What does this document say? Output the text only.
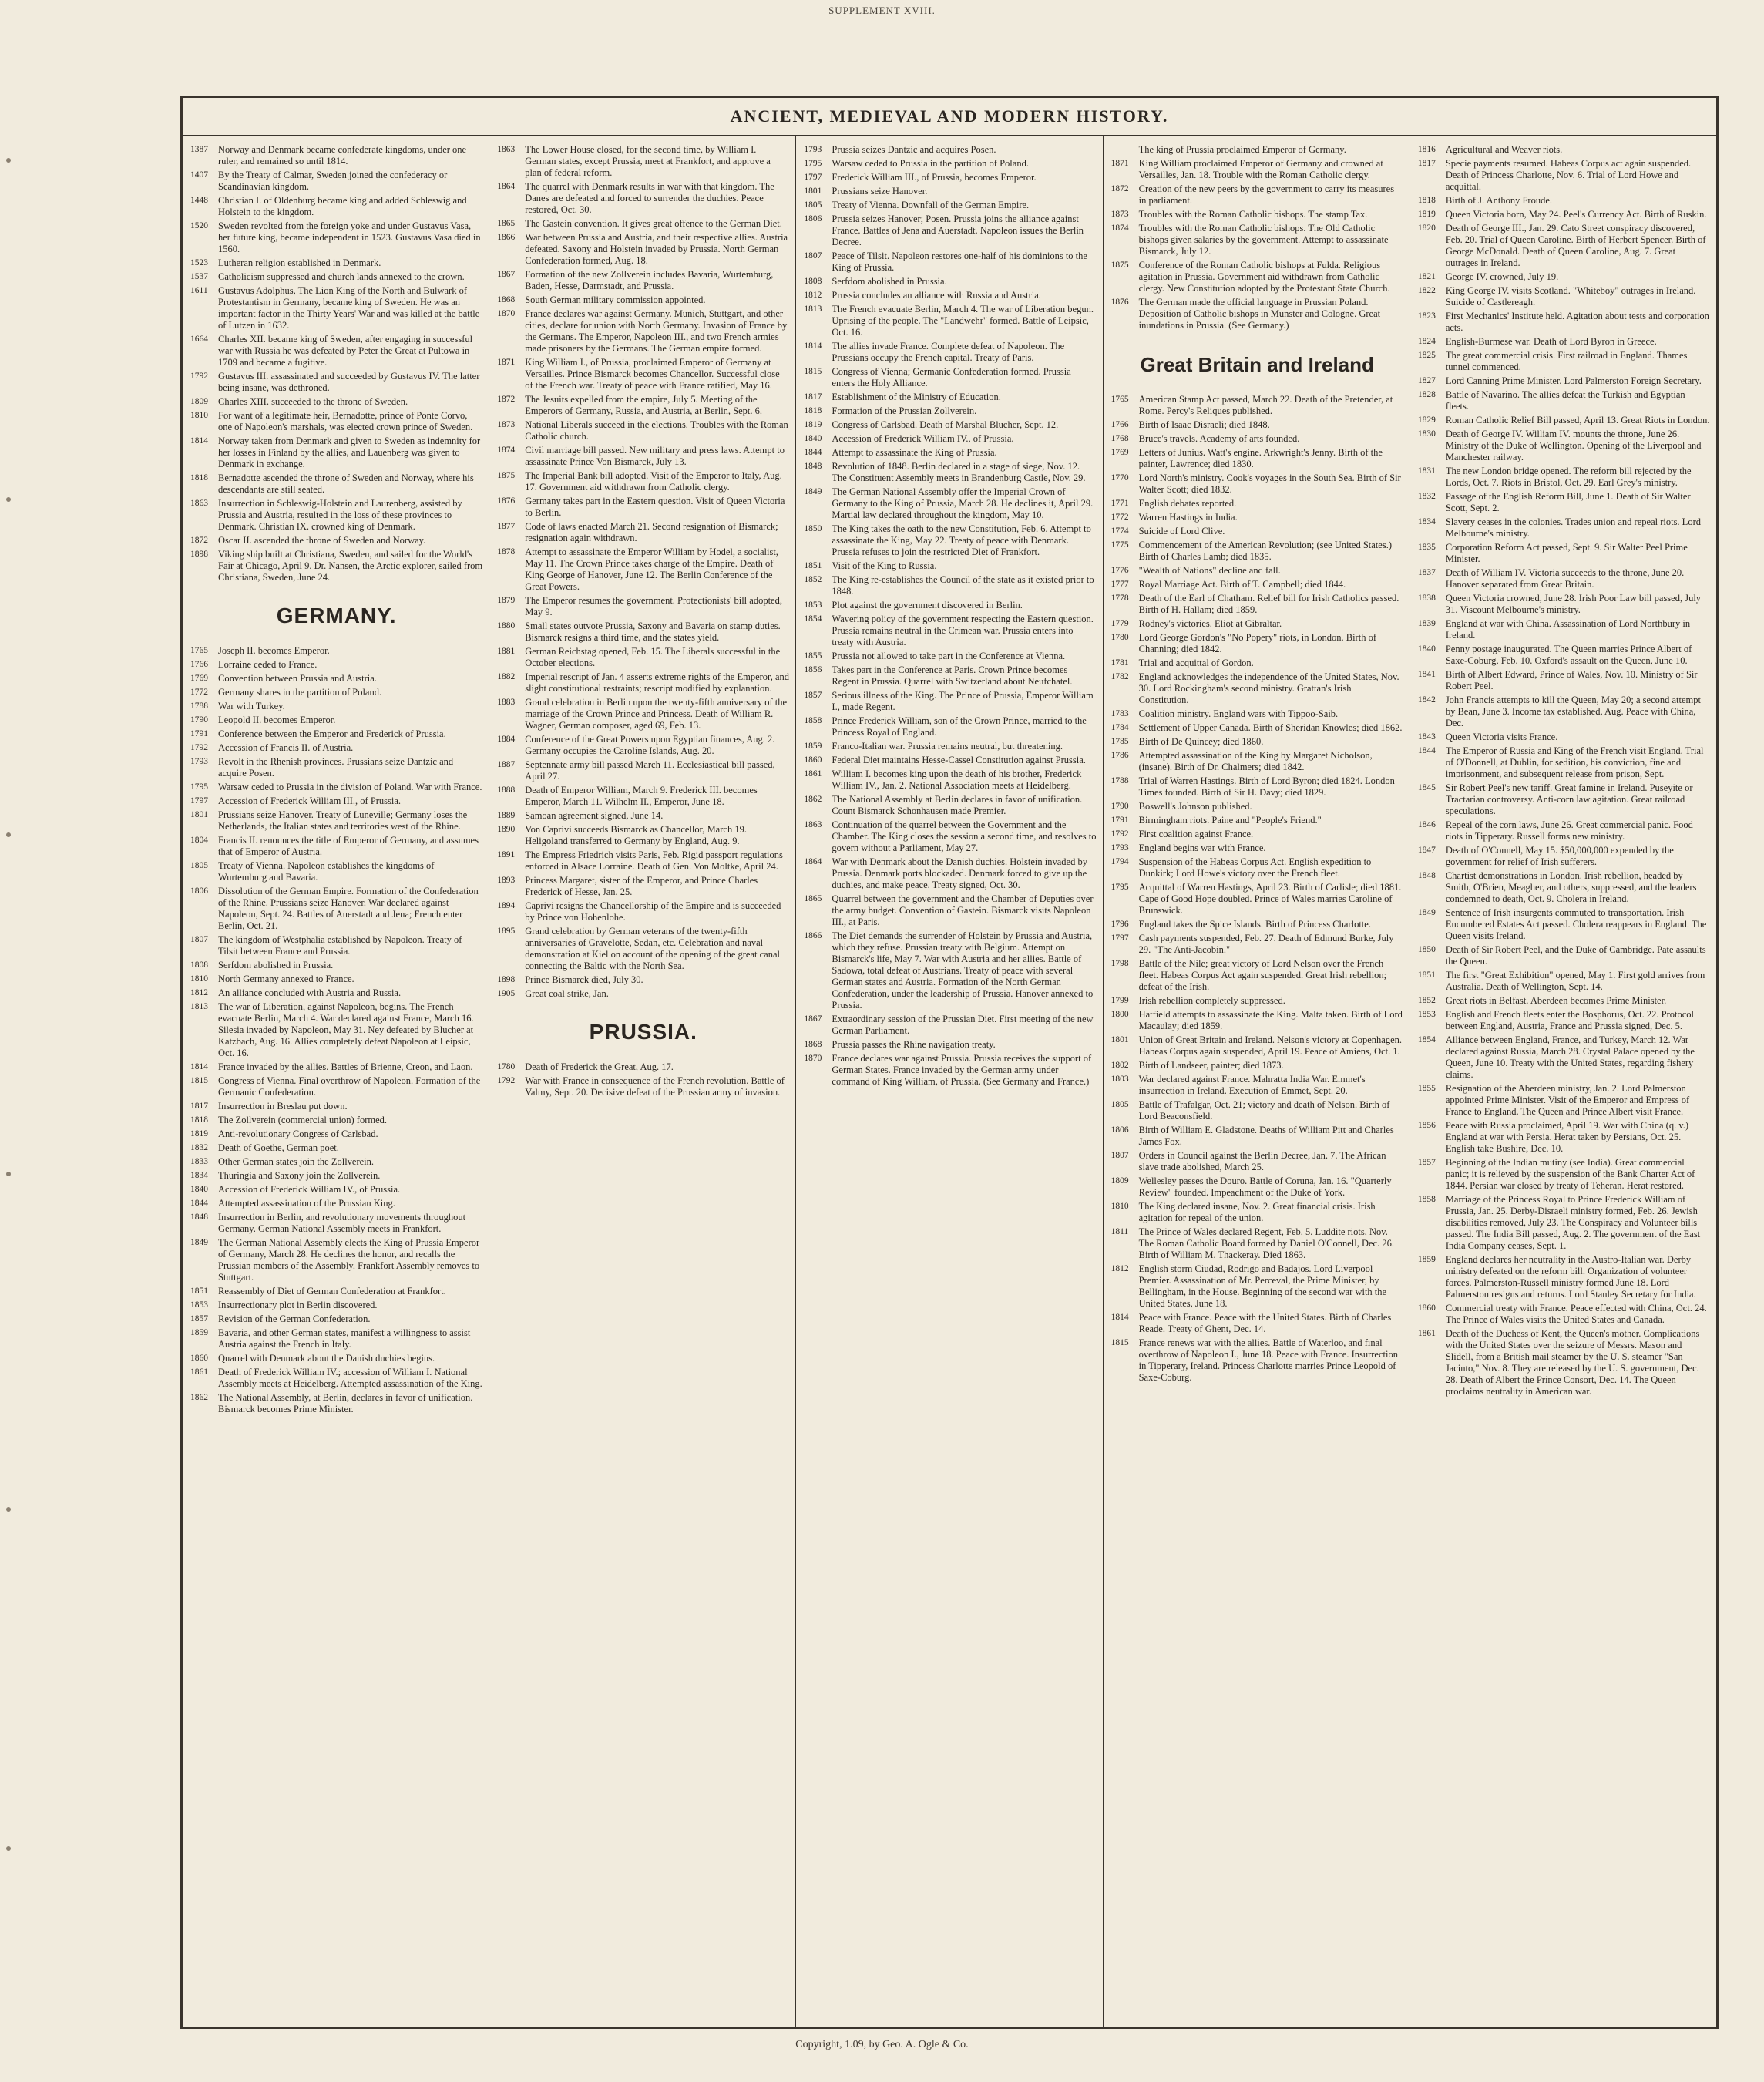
SUPPLEMENT XVIII.
ANCIENT, MEDIEVAL AND MODERN HISTORY.
1387	Norway and Denmark became confederate kingdoms, under one ruler, and remained so until 1814.
1407	By the Treaty of Calmar, Sweden joined the confederacy or Scandinavian kingdom.
1448	Christian I. of Oldenburg became king and added Schleswig and Holstein to the kingdom.
1520	Sweden revolted from the foreign yoke and under Gustavus Vasa, her future king, became independent in 1523. Gustavus Vasa died in 1560.
1523	Lutheran religion established in Denmark.
1537	Catholicism suppressed and church lands annexed to the crown.
1611	Gustavus Adolphus, The Lion King of the North and Bulwark of Protestantism in Germany, became king of Sweden. He was an important factor in the Thirty Years' War and was killed at the battle of Lutzen in 1632.
1664	Charles XII. became king of Sweden, after engaging in successful war with Russia he was defeated by Peter the Great at Pultowa in 1709 and became a fugitive.
1792	Gustavus III. assassinated and succeeded by Gustavus IV. The latter being insane, was dethroned.
1809	Charles XIII. succeeded to the throne of Sweden.
1810	For want of a legitimate heir, Bernadotte, prince of Ponte Corvo, one of Napoleon's marshals, was elected crown prince of Sweden.
1814	Norway taken from Denmark and given to Sweden as indemnity for her losses in Finland by the allies, and Lauenberg was given to Denmark in exchange.
1818	Bernadotte ascended the throne of Sweden and Norway, where his descendants are still seated.
1863	Insurrection in Schleswig-Holstein and Laurenberg, assisted by Prussia and Austria, resulted in the loss of these provinces to Denmark. Christian IX. crowned king of Denmark.
1872	Oscar II. ascended the throne of Sweden and Norway.
1898	Viking ship built at Christiana, Sweden, and sailed for the World's Fair at Chicago, April 9. Dr. Nansen, the Arctic explorer, sailed from Christiana, Sweden, June 24.
GERMANY.
1765	Joseph II. becomes Emperor.
1766	Lorraine ceded to France.
1769	Convention between Prussia and Austria.
1772	Germany shares in the partition of Poland.
1788	War with Turkey.
1790	Leopold II. becomes Emperor.
1791	Conference between the Emperor and Frederick of Prussia.
1792	Accession of Francis II. of Austria.
1793	Revolt in the Rhenish provinces. Prussians seize Dantzic and acquire Posen.
1795	Warsaw ceded to Prussia in the division of Poland. War with France.
1797	Accession of Frederick William III., of Prussia.
1801	Prussians seize Hanover. Treaty of Luneville; Germany loses the Netherlands, the Italian states and territories west of the Rhine.
1804	Francis II. renounces the title of Emperor of Germany, and assumes that of Emperor of Austria.
1805	Treaty of Vienna. Napoleon establishes the kingdoms of Wurtemburg and Bavaria.
1806	Dissolution of the German Empire. Formation of the Confederation of the Rhine. Prussians seize Hanover. War declared against Napoleon, Sept. 24. Battles of Auerstadt and Jena; French enter Berlin, Oct. 21.
1807	The kingdom of Westphalia established by Napoleon. Treaty of Tilsit between France and Prussia.
1808	Serfdom abolished in Prussia.
1810	North Germany annexed to France.
1812	An alliance concluded with Austria and Russia.
1813	The war of Liberation, against Napoleon, begins. The French evacuate Berlin, March 4. War declared against France, March 16. Silesia invaded by Napoleon, May 31. Ney defeated by Blucher at Katzbach, Aug. 16. Allies completely defeat Napoleon at Leipsic, Oct. 16.
1814	France invaded by the allies. Battles of Brienne, Creon, and Laon.
1815	Congress of Vienna. Final overthrow of Napoleon. Formation of the Germanic Confederation.
1817	Insurrection in Breslau put down.
1818	The Zollverein (commercial union) formed.
1819	Anti-revolutionary Congress of Carlsbad.
1832	Death of Goethe, German poet.
1833	Other German states join the Zollverein.
1834	Thuringia and Saxony join the Zollverein.
1840	Accession of Frederick William IV., of Prussia.
1844	Attempted assassination of the Prussian King.
1848	Insurrection in Berlin, and revolutionary movements throughout Germany. German National Assembly meets in Frankfort.
1849	The German National Assembly elects the King of Prussia Emperor of Germany, March 28. He declines the honor, and recalls the Prussian members of the Assembly. Frankfort Assembly removes to Stuttgart.
1851	Reassembly of Diet of German Confederation at Frankfort.
1853	Insurrectionary plot in Berlin discovered.
1857	Revision of the German Confederation.
1859	Bavaria, and other German states, manifest a willingness to assist Austria against the French in Italy.
1860	Quarrel with Denmark about the Danish duchies begins.
1861	Death of Frederick William IV.; accession of William I. National Assembly meets at Heidelberg. Attempted assassination of the King.
1862	The National Assembly, at Berlin, declares in favor of unification. Bismarck becomes Prime Minister.
1863	The Lower House closed, for the second time, by William I. German states, except Prussia, meet at Frankfort, and approve a plan of federal reform.
1864	The quarrel with Denmark results in war with that kingdom. The Danes are defeated and forced to surrender the duchies. Peace restored, Oct. 30.
1865	The Gastein convention. It gives great offence to the German Diet.
1866	War between Prussia and Austria, and their respective allies. Austria defeated. Saxony and Holstein invaded by Prussia. North German Confederation formed, Aug. 18.
1867	Formation of the new Zollverein includes Bavaria, Wurtemburg, Baden, Hesse, Darmstadt, and Prussia.
1868	South German military commission appointed.
1870	France declares war against Germany. Munich, Stuttgart, and other cities, declare for union with North Germany. Invasion of France by the Germans. The Emperor, Napoleon III., and two French armies made prisoners by the Germans. The German empire formed.
1871	King William I., of Prussia, proclaimed Emperor of Germany at Versailles. Prince Bismarck becomes Chancellor. Successful close of the French war. Treaty of peace with France ratified, May 16.
1872	The Jesuits expelled from the empire, July 5. Meeting of the Emperors of Germany, Russia, and Austria, at Berlin, Sept. 6.
1873	National Liberals succeed in the elections. Troubles with the Roman Catholic church.
1874	Civil marriage bill passed. New military and press laws. Attempt to assassinate Prince Von Bismarck, July 13.
1875	The Imperial Bank bill adopted. Visit of the Emperor to Italy, Aug. 17. Government aid withdrawn from Catholic clergy.
1876	Germany takes part in the Eastern question. Visit of Queen Victoria to Berlin.
1877	Code of laws enacted March 21. Second resignation of Bismarck; resignation again withdrawn.
1878	Attempt to assassinate the Emperor William by Hodel, a socialist, May 11. The Crown Prince takes charge of the Empire. Death of King George of Hanover, June 12. The Berlin Conference of the Great Powers.
1879	The Emperor resumes the government. Protectionists' bill adopted, May 9.
1880	Small states outvote Prussia, Saxony and Bavaria on stamp duties. Bismarck resigns a third time, and the states yield.
1881	German Reichstag opened, Feb. 15. The Liberals successful in the October elections.
1882	Imperial rescript of Jan. 4 asserts extreme rights of the Emperor, and slight constitutional restraints; rescript modified by explanation.
1883	Grand celebration in Berlin upon the twenty-fifth anniversary of the marriage of the Crown Prince and Princess. Death of William R. Wagner, German composer, aged 69, Feb. 13.
1884	Conference of the Great Powers upon Egyptian finances, Aug. 2. Germany occupies the Caroline Islands, Aug. 20.
1887	Septennate army bill passed March 11. Ecclesiastical bill passed, April 27.
1888	Death of Emperor William, March 9. Frederick III. becomes Emperor, March 11. Wilhelm II., Emperor, June 18.
1889	Samoan agreement signed, June 14.
1890	Von Caprivi succeeds Bismarck as Chancellor, March 19. Heligoland transferred to Germany by England, Aug. 9.
1891	The Empress Friedrich visits Paris, Feb. Rigid passport regulations enforced in Alsace Lorraine. Death of Gen. Von Moltke, April 24.
1893	Princess Margaret, sister of the Emperor, and Prince Charles Frederick of Hesse, Jan. 25.
1894	Caprivi resigns the Chancellorship of the Empire and is succeeded by Prince von Hohenlohe.
1895	Grand celebration by German veterans of the twenty-fifth anniversaries of Gravelotte, Sedan, etc. Celebration and naval demonstration at Kiel on account of the opening of the great canal connecting the Baltic with the North Sea.
1898	Prince Bismarck died, July 30.
1905	Great coal strike, Jan.
PRUSSIA.
1780	Death of Frederick the Great, Aug. 17.
1792	War with France in consequence of the French revolution. Battle of Valmy, Sept. 20. Decisive defeat of the Prussian army of invasion.
1793	Prussia seizes Dantzic and acquires Posen.
1795	Warsaw ceded to Prussia in the partition of Poland.
1797	Frederick William III., of Prussia, becomes Emperor.
1801	Prussians seize Hanover.
1805	Treaty of Vienna. Downfall of the German Empire.
1806	Prussia seizes Hanover; Posen. Prussia joins the alliance against France. Battles of Jena and Auerstadt. Napoleon issues the Berlin Decree.
1807	Peace of Tilsit. Napoleon restores one-half of his dominions to the King of Prussia.
1808	Serfdom abolished in Prussia.
1812	Prussia concludes an alliance with Russia and Austria.
1813	The French evacuate Berlin, March 4. The war of Liberation begun. Uprising of the people. The "Landwehr" formed. Battle of Leipsic, Oct. 16.
1814	The allies invade France. Complete defeat of Napoleon. The Prussians occupy the French capital. Treaty of Paris.
1815	Congress of Vienna; Germanic Confederation formed. Prussia enters the Holy Alliance.
1817	Establishment of the Ministry of Education.
1818	Formation of the Prussian Zollverein.
1819	Congress of Carlsbad. Death of Marshal Blucher, Sept. 12.
1840	Accession of Frederick William IV., of Prussia.
1844	Attempt to assassinate the King of Prussia.
1848	Revolution of 1848. Berlin declared in a stage of siege, Nov. 12. The Constituent Assembly meets in Brandenburg Castle, Nov. 29.
1849	The German National Assembly offer the Imperial Crown of Germany to the King of Prussia, March 28. He declines it, April 29. Martial law declared throughout the kingdom, May 10.
1850	The King takes the oath to the new Constitution, Feb. 6. Attempt to assassinate the King, May 22. Treaty of peace with Denmark. Prussia refuses to join the restricted Diet of Frankfort.
1851	Visit of the King to Russia.
1852	The King re-establishes the Council of the state as it existed prior to 1848.
1853	Plot against the government discovered in Berlin.
1854	Wavering policy of the government respecting the Eastern question. Prussia remains neutral in the Crimean war. Prussia enters into treaty with Austria.
1855	Prussia not allowed to take part in the Conference at Vienna.
1856	Takes part in the Conference at Paris. Crown Prince becomes Regent in Prussia. Quarrel with Switzerland about Neufchatel.
1857	Serious illness of the King. The Prince of Prussia, Emperor William I., made Regent.
1858	Prince Frederick William, son of the Crown Prince, married to the Princess Royal of England.
1859	Franco-Italian war. Prussia remains neutral, but threatening.
1860	Federal Diet maintains Hesse-Cassel Constitution against Prussia.
1861	William I. becomes king upon the death of his brother, Frederick William IV., Jan. 2. National Association meets at Heidelberg.
1862	The National Assembly at Berlin declares in favor of unification. Count Bismarck Schonhausen made Premier.
1863	Continuation of the quarrel between the Government and the Chamber. The King closes the session a second time, and resolves to govern without a Parliament, May 27.
1864	War with Denmark about the Danish duchies. Holstein invaded by Prussia. Denmark ports blockaded. Denmark forced to give up the duchies, and make peace. Treaty signed, Oct. 30.
1865	Quarrel between the government and the Chamber of Deputies over the army budget. Convention of Gastein. Bismarck visits Napoleon III., at Paris.
1866	The Diet demands the surrender of Holstein by Prussia and Austria, which they refuse. Prussian treaty with Belgium. Attempt on Bismarck's life, May 7. War with Austria and her allies. Battle of Sadowa, total defeat of Austrians. Treaty of peace with several German states and Austria. Formation of the North German Confederation, under the leadership of Prussia. Hanover annexed to Prussia.
1867	Extraordinary session of the Prussian Diet. First meeting of the new German Parliament.
1868	Prussia passes the Rhine navigation treaty.
1870	France declares war against Prussia. Prussia receives the support of German States. France invaded by the German army under command of King William, of Prussia. (See Germany and France.)
The king of Prussia proclaimed Emperor of Germany.
1871	King William proclaimed Emperor of Germany and crowned at Versailles, Jan. 18. Trouble with the Roman Catholic clergy.
1872	Creation of the new peers by the government to carry its measures in parliament.
1873	Troubles with the Roman Catholic bishops. The stamp Tax.
1874	Troubles with the Roman Catholic bishops. The Old Catholic bishops given salaries by the government. Attempt to assassinate Bismarck, July 12.
1875	Conference of the Roman Catholic bishops at Fulda. Religious agitation in Prussia. Government aid withdrawn from Catholic clergy. New Constitution adopted by the Protestant State Church.
1876	The German made the official language in Prussian Poland. Deposition of Catholic bishops in Munster and Cologne. Great inundations in Prussia. (See Germany.)
Great Britain and Ireland
1765	American Stamp Act passed, March 22. Death of the Pretender, at Rome. Percy's Reliques published.
1766	Birth of Isaac Disraeli; died 1848.
1768	Bruce's travels. Academy of arts founded.
1769	Letters of Junius. Watt's engine. Arkwright's Jenny. Birth of the painter, Lawrence; died 1830.
1770	Lord North's ministry. Cook's voyages in the South Sea. Birth of Sir Walter Scott; died 1832.
1771	English debates reported.
1772	Warren Hastings in India.
1774	Suicide of Lord Clive.
1775	Commencement of the American Revolution; (see United States.) Birth of Charles Lamb; died 1835.
1776	"Wealth of Nations" decline and fall.
1777	Royal Marriage Act. Birth of T. Campbell; died 1844.
1778	Death of the Earl of Chatham. Relief bill for Irish Catholics passed. Birth of H. Hallam; died 1859.
1779	Rodney's victories. Eliot at Gibraltar.
1780	Lord George Gordon's "No Popery" riots, in London. Birth of Channing; died 1842.
1781	Trial and acquittal of Gordon.
1782	England acknowledges the independence of the United States, Nov. 30. Lord Rockingham's second ministry. Grattan's Irish Constitution.
1783	Coalition ministry. England wars with Tippoo-Saib.
1784	Settlement of Upper Canada. Birth of Sheridan Knowles; died 1862.
1785	Birth of De Quincey; died 1860.
1786	Attempted assassination of the King by Margaret Nicholson, (insane). Birth of Dr. Chalmers; died 1842.
1788	Trial of Warren Hastings. Birth of Lord Byron; died 1824. London Times founded. Birth of Sir H. Davy; died 1829.
1790	Boswell's Johnson published.
1791	Birmingham riots. Paine and "People's Friend."
1792	First coalition against France.
1793	England begins war with France.
1794	Suspension of the Habeas Corpus Act. English expedition to Dunkirk; Lord Howe's victory over the French fleet.
1795	Acquittal of Warren Hastings, April 23. Birth of Carlisle; died 1881. Cape of Good Hope doubled. Prince of Wales marries Caroline of Brunswick.
1796	England takes the Spice Islands. Birth of Princess Charlotte.
1797	Cash payments suspended, Feb. 27. Death of Edmund Burke, July 29. "The Anti-Jacobin."
1798	Battle of the Nile; great victory of Lord Nelson over the French fleet. Habeas Corpus Act again suspended. Great Irish rebellion; defeat of the Irish.
1799	Irish rebellion completely suppressed.
1800	Hatfield attempts to assassinate the King. Malta taken. Birth of Lord Macaulay; died 1859.
1801	Union of Great Britain and Ireland. Nelson's victory at Copenhagen. Habeas Corpus again suspended, April 19. Peace of Amiens, Oct. 1.
1802	Birth of Landseer, painter; died 1873.
1803	War declared against France. Mahratta India War. Emmet's insurrection in Ireland. Execution of Emmet, Sept. 20.
1805	Battle of Trafalgar, Oct. 21; victory and death of Nelson. Birth of Lord Beaconsfield.
1806	Birth of William E. Gladstone. Deaths of William Pitt and Charles James Fox.
1807	Orders in Council against the Berlin Decree, Jan. 7. The African slave trade abolished, March 25.
1809	Wellesley passes the Douro. Battle of Coruna, Jan. 16. "Quarterly Review" founded. Impeachment of the Duke of York.
1810	The King declared insane, Nov. 2. Great financial crisis. Irish agitation for repeal of the union.
1811	The Prince of Wales declared Regent, Feb. 5. Luddite riots, Nov. The Roman Catholic Board formed by Daniel O'Connell, Dec. 26. Birth of William M. Thackeray. Died 1863.
1812	English storm Ciudad, Rodrigo and Badajos. Lord Liverpool Premier. Assassination of Mr. Perceval, the Prime Minister, by Bellingham, in the House. Beginning of the second war with the United States, June 18.
1814	Peace with France. Peace with the United States. Birth of Charles Reade. Treaty of Ghent, Dec. 14.
1815	France renews war with the allies. Battle of Waterloo, and final overthrow of Napoleon I., June 18. Peace with France. Insurrection in Tipperary, Ireland. Princess Charlotte marries Prince Leopold of Saxe-Coburg.
1816	Agricultural and Weaver riots.
1817	Specie payments resumed. Habeas Corpus act again suspended. Death of Princess Charlotte, Nov. 6. Trial of Lord Howe and acquittal.
1818	Birth of J. Anthony Froude.
1819	Queen Victoria born, May 24. Peel's Currency Act. Birth of Ruskin.
1820	Death of George III., Jan. 29. Cato Street conspiracy discovered, Feb. 20. Trial of Queen Caroline. Birth of Herbert Spencer. Birth of George McDonald. Death of Queen Caroline, Aug. 7. Great outrages in Ireland.
1821	George IV. crowned, July 19.
1822	King George IV. visits Scotland. "Whiteboy" outrages in Ireland. Suicide of Castlereagh.
1823	First Mechanics' Institute held. Agitation about tests and corporation acts.
1824	English-Burmese war. Death of Lord Byron in Greece.
1825	The great commercial crisis. First railroad in England. Thames tunnel commenced.
1827	Lord Canning Prime Minister. Lord Palmerston Foreign Secretary.
1828	Battle of Navarino. The allies defeat the Turkish and Egyptian fleets.
1829	Roman Catholic Relief Bill passed, April 13. Great Riots in London.
1830	Death of George IV. William IV. mounts the throne, June 26. Ministry of the Duke of Wellington. Opening of the Liverpool and Manchester railway.
1831	The new London bridge opened. The reform bill rejected by the Lords, Oct. 7. Riots in Bristol, Oct. 29. Earl Grey's ministry.
1832	Passage of the English Reform Bill, June 1. Death of Sir Walter Scott, Sept. 2.
1834	Slavery ceases in the colonies. Trades union and repeal riots. Lord Melbourne's ministry.
1835	Corporation Reform Act passed, Sept. 9. Sir Walter Peel Prime Minister.
1837	Death of William IV. Victoria succeeds to the throne, June 20. Hanover separated from Great Britain.
1838	Queen Victoria crowned, June 28. Irish Poor Law bill passed, July 31. Viscount Melbourne's ministry.
1839	England at war with China. Assassination of Lord Northbury in Ireland.
1840	Penny postage inaugurated. The Queen marries Prince Albert of Saxe-Coburg, Feb. 10. Oxford's assault on the Queen, June 10.
1841	Birth of Albert Edward, Prince of Wales, Nov. 10. Ministry of Sir Robert Peel.
1842	John Francis attempts to kill the Queen, May 20; a second attempt by Bean, June 3. Income tax established, Aug. Peace with China, Dec.
1843	Queen Victoria visits France.
1844	The Emperor of Russia and King of the French visit England. Trial of O'Donnell, at Dublin, for sedition, his conviction, fine and imprisonment, and subsequent release from prison, Sept.
1845	Sir Robert Peel's new tariff. Great famine in Ireland. Puseyite or Tractarian controversy. Anti-corn law agitation. Great railroad speculations.
1846	Repeal of the corn laws, June 26. Great commercial panic. Food riots in Tipperary. Russell forms new ministry.
1847	Death of O'Connell, May 15. $50,000,000 expended by the government for relief of Irish sufferers.
1848	Chartist demonstrations in London. Irish rebellion, headed by Smith, O'Brien, Meagher, and others, suppressed, and the leaders condemned to death, Oct. 9. Cholera in Ireland.
1849	Sentence of Irish insurgents commuted to transportation. Irish Encumbered Estates Act passed. Cholera reappears in England. The Queen visits Ireland.
1850	Death of Sir Robert Peel, and the Duke of Cambridge. Pate assaults the Queen.
1851	The first "Great Exhibition" opened, May 1. First gold arrives from Australia. Death of Wellington, Sept. 14.
1852	Great riots in Belfast. Aberdeen becomes Prime Minister.
1853	English and French fleets enter the Bosphorus, Oct. 22. Protocol between England, Austria, France and Prussia signed, Dec. 5.
1854	Alliance between England, France, and Turkey, March 12. War declared against Russia, March 28. Crystal Palace opened by the Queen, June 10. Treaty with the United States, regarding fishery claims.
1855	Resignation of the Aberdeen ministry, Jan. 2. Lord Palmerston appointed Prime Minister. Visit of the Emperor and Empress of France to England. The Queen and Prince Albert visit France.
1856	Peace with Russia proclaimed, April 19. War with China (q. v.) England at war with Persia. Herat taken by Persians, Oct. 25. English take Bushire, Dec. 10.
1857	Beginning of the Indian mutiny (see India). Great commercial panic; it is relieved by the suspension of the Bank Charter Act of 1844. Persian war closed by treaty of Teheran. Herat restored.
1858	Marriage of the Princess Royal to Prince Frederick William of Prussia, Jan. 25. Derby-Disraeli ministry formed, Feb. 26. Jewish disabilities removed, July 23. The Conspiracy and Volunteer bills passed. The India Bill passed, Aug. 2. The government of the East India Company ceases, Sept. 1.
1859	England declares her neutrality in the Austro-Italian war. Derby ministry defeated on the reform bill. Organization of volunteer forces. Palmerston-Russell ministry formed June 18. Lord Palmerston resigns and returns. Lord Stanley Secretary for India.
1860	Commercial treaty with France. Peace effected with China, Oct. 24. The Prince of Wales visits the United States and Canada.
1861	Death of the Duchess of Kent, the Queen's mother. Complications with the United States over the seizure of Messrs. Mason and Slidell, from a British mail steamer by the U. S. steamer "San Jacinto," Nov. 8. They are released by the U. S. government, Dec. 28. Death of Albert the Prince Consort, Dec. 14. The Queen proclaims neutrality in American war.
Copyright, 1.09, by Geo. A. Ogle & Co.
